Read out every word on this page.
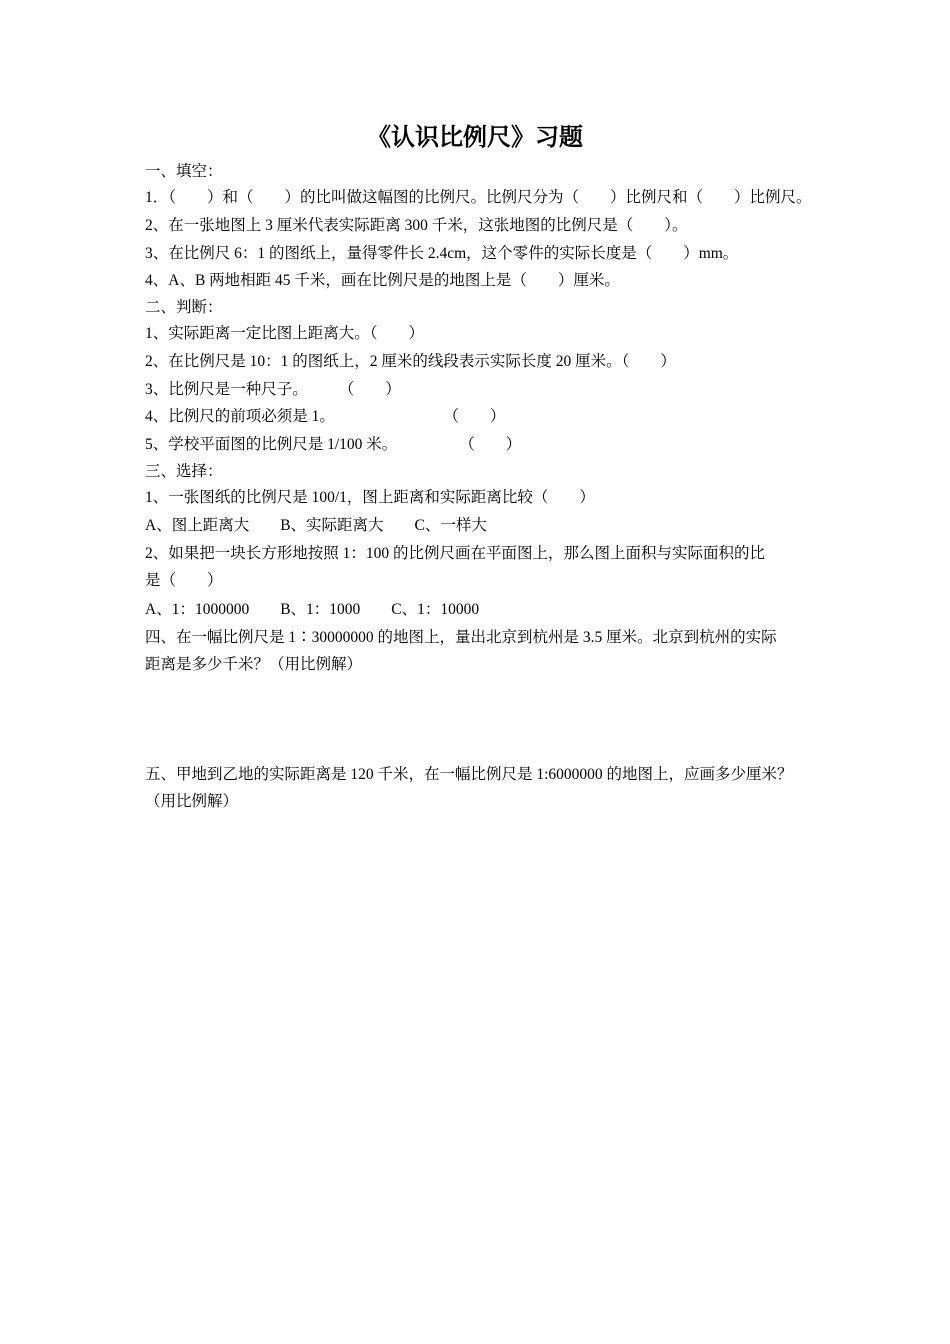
《认识比例尺》习题
一、填空：
1．（　　）和（　　）的比叫做这幅图的比例尺。比例尺分为（　　）比例尺和（　　）比例尺。
2、在一张地图上 3 厘米代表实际距离 300 千米，这张地图的比例尺是（　　）。
3、在比例尺 6：1 的图纸上，量得零件长 2.4cm，这个零件的实际长度是（　　）mm。
4、A、B 两地相距 45 千米，画在比例尺是的地图上是（　　）厘米。
二、判断：
1、实际距离一定比图上距离大。（　　）
2、在比例尺是 10：1 的图纸上，2 厘米的线段表示实际长度 20 厘米。（　　）
3、比例尺是一种尺子。　　　（　　）
4、比例尺的前项必须是 1。　　　　　　　　（　　）
5、学校平面图的比例尺是 1/100 米。　　　　　（　　）
三、选择：
1、一张图纸的比例尺是 100/1，图上距离和实际距离比较（　　）
A、图上距离大　　B、实际距离大　　C、一样大
2、如果把一块长方形地按照 1：100 的比例尺画在平面图上，那么图上面积与实际面积的比
是（　　）
A、1：1000000　　B、1：1000　　C、1：10000
四、在一幅比例尺是 1∶30000000 的地图上，量出北京到杭州是 3.5 厘米。北京到杭州的实际
距离是多少千米？（用比例解）
五、甲地到乙地的实际距离是 120 千米，在一幅比例尺是 1:6000000 的地图上，应画多少厘米？
（用比例解）
